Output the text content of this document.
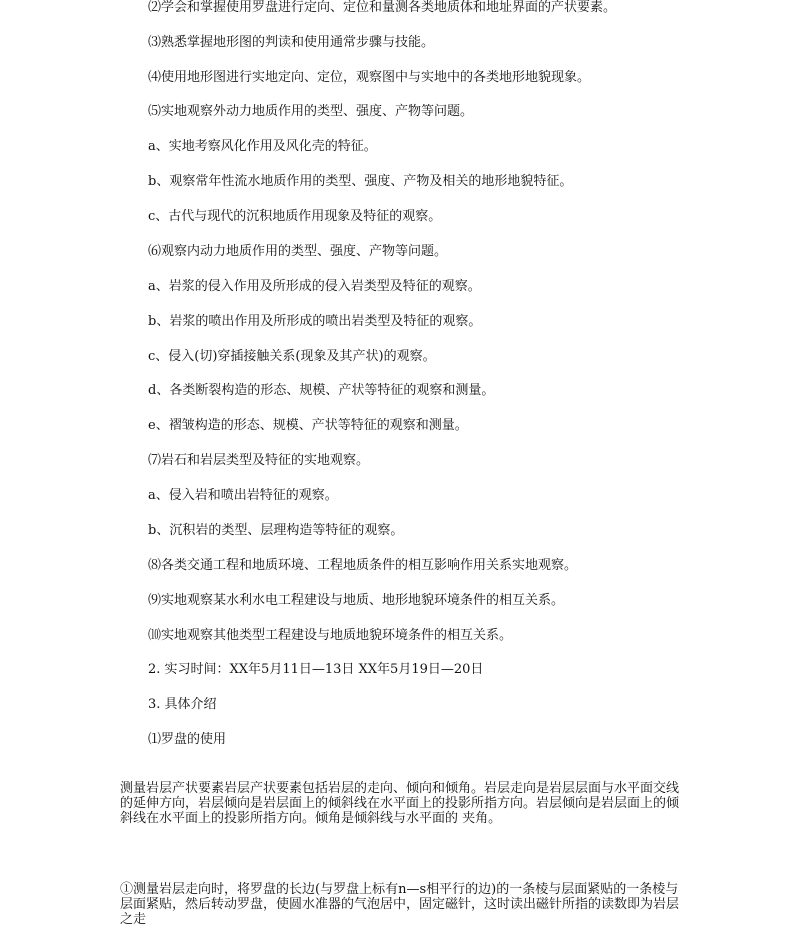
⑵学会和掌握使用罗盘进行定向、定位和量测各类地质体和地址界面的产状要素。
⑶熟悉掌握地形图的判读和使用通常步骤与技能。
⑷使用地形图进行实地定向、定位，观察图中与实地中的各类地形地貌现象。
⑸实地观察外动力地质作用的类型、强度、产物等问题。
a、实地考察风化作用及风化壳的特征。
b、观察常年性流水地质作用的类型、强度、产物及相关的地形地貌特征。
c、古代与现代的沉积地质作用现象及特征的观察。
⑹观察内动力地质作用的类型、强度、产物等问题。
a、岩浆的侵入作用及所形成的侵入岩类型及特征的观察。
b、岩浆的喷出作用及所形成的喷出岩类型及特征的观察。
c、侵入(切)穿插接触关系(现象及其产状)的观察。
d、各类断裂构造的形态、规模、产状等特征的观察和测量。
e、褶皱构造的形态、规模、产状等特征的观察和测量。
⑺岩石和岩层类型及特征的实地观察。
a、侵入岩和喷出岩特征的观察。
b、沉积岩的类型、层理构造等特征的观察。
⑻各类交通工程和地质环境、工程地质条件的相互影响作用关系实地观察。
⑼实地观察某水利水电工程建设与地质、地形地貌环境条件的相互关系。
⑽实地观察其他类型工程建设与地质地貌环境条件的相互关系。
2. 实习时间：XX年5月11日—13日 XX年5月19日—20日
3. 具体介绍
⑴罗盘的使用
测量岩层产状要素岩层产状要素包括岩层的走向、倾向和倾角。岩层走向是岩层层面与水平面交线的延伸方向，岩层倾向是岩层面上的倾斜线在水平面上的投影所指方向。岩层倾向是岩层面上的倾斜线在水平面上的投影所指方向。倾角是倾斜线与水平面的 夹角。
①测量岩层走向时，将罗盘的长边(与罗盘上标有n—s相平行的边)的一条棱与层面紧贴的一条棱与层面紧贴，然后转动罗盘，使圆水准器的气泡居中，固定磁针，这时读出磁针所指的读数即为岩层之走
